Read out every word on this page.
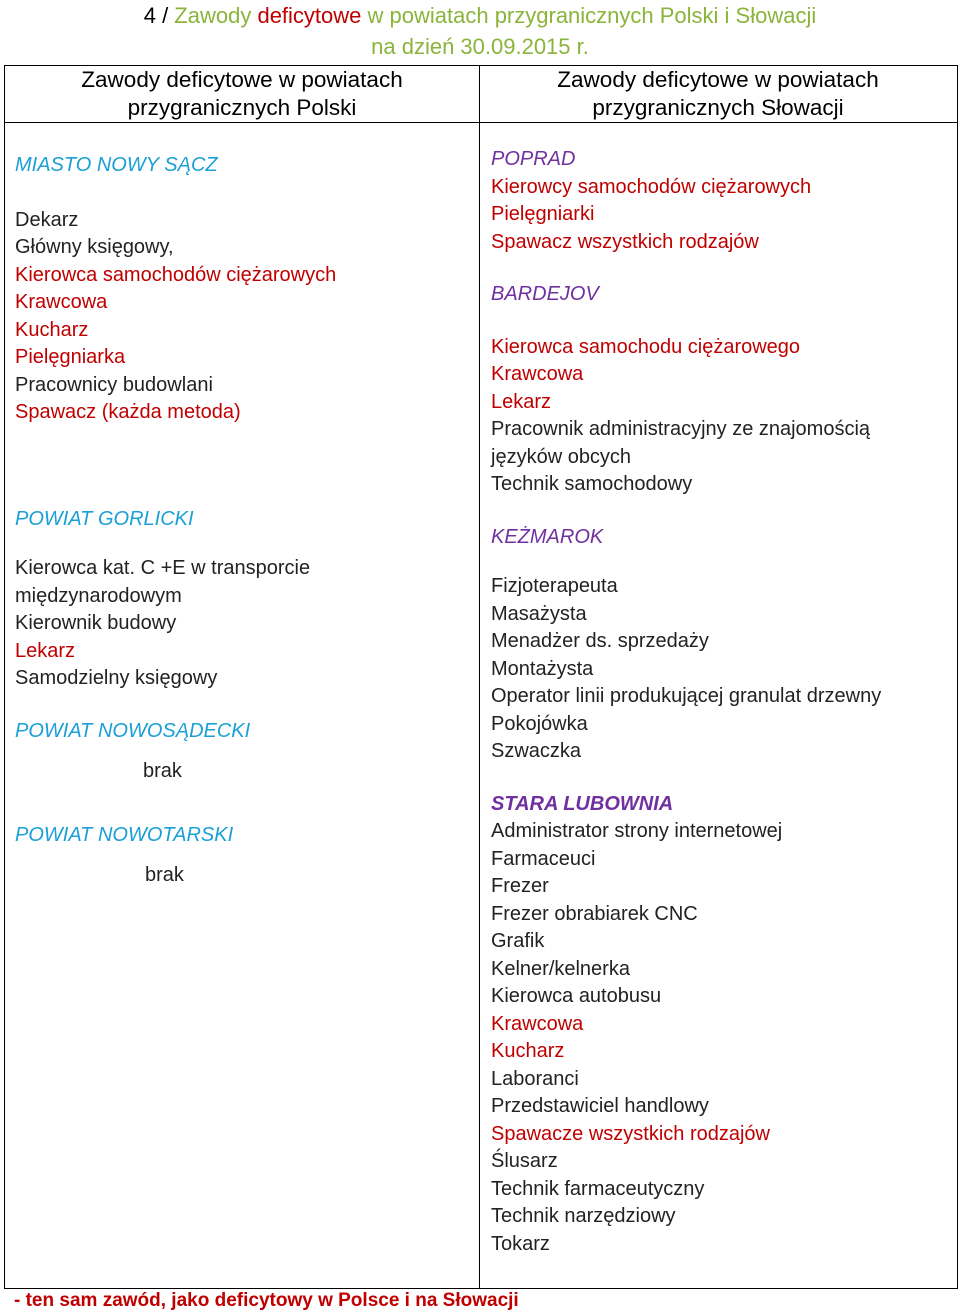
4 / Zawody deficytowe w powiatach przygranicznych Polski i Słowacji
na dzień 30.09.2015 r.
Zawody deficytowe w powiatach
przygranicznych Polski
Zawody deficytowe w powiatach
przygranicznych Słowacji
MIASTO NOWY SĄCZ
Dekarz
Główny księgowy,
Kierowca samochodów ciężarowych
Krawcowa
Kucharz
Pielęgniarka
Pracownicy budowlani
Spawacz (każda metoda)
POWIAT GORLICKI
Kierowca kat. C +E w transporcie
międzynarodowym
Kierownik budowy
Lekarz
Samodzielny księgowy
POWIAT NOWOSĄDECKI
brak
POWIAT NOWOTARSKI
brak
POPRAD
Kierowcy samochodów ciężarowych
Pielęgniarki
Spawacz wszystkich rodzajów
BARDEJOV
Kierowca samochodu ciężarowego
Krawcowa
Lekarz
Pracownik administracyjny ze znajomością
języków obcych
Technik samochodowy
KEŻMAROK
Fizjoterapeuta
Masażysta
Menadżer ds. sprzedaży
Montażysta
Operator linii produkującej granulat drzewny
Pokojówka
Szwaczka
STARA LUBOWNIA
Administrator strony internetowej
Farmaceuci
Frezer
Frezer obrabiarek CNC
Grafik
Kelner/kelnerka
Kierowca autobusu
Krawcowa
Kucharz
Laboranci
Przedstawiciel handlowy
Spawacze wszystkich rodzajów
Ślusarz
Technik farmaceutyczny
Technik narzędziowy
Tokarz
- ten sam zawód, jako deficytowy w Polsce i na Słowacji
